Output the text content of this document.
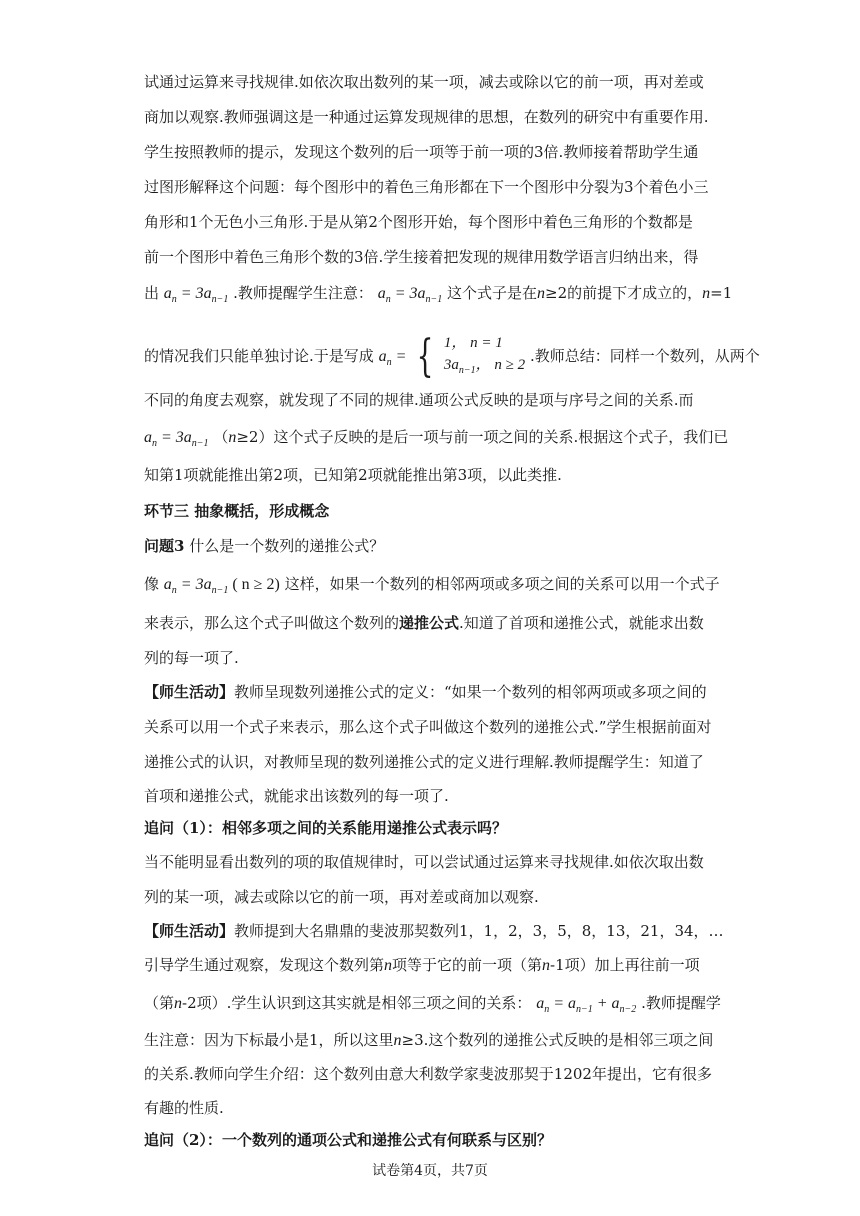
试通过运算来寻找规律.如依次取出数列的某一项，减去或除以它的前一项，再对差或
商加以观察.教师强调这是一种通过运算发现规律的思想，在数列的研究中有重要作用.
学生按照教师的提示，发现这个数列的后一项等于前一项的3倍.教师接着帮助学生通
过图形解释这个问题：每个图形中的着色三角形都在下一个图形中分裂为3个着色小三
角形和1个无色小三角形.于是从第2个图形开始，每个图形中着色三角形的个数都是
前一个图形中着色三角形个数的3倍.学生接着把发现的规律用数学语言归纳出来，得
出 $a_n = 3a_{n-1}$ .教师提醒学生注意： $a_n = 3a_{n-1}$ 这个式子是在n≥2的前提下才成立的，n=1
的情况我们只能单独讨论.于是写成 $a_n$ = { 1， n = 1
$3a_{n-1}$， n ≥ 2 .教师总结：同样一个数列，从两个
不同的角度去观察，就发现了不同的规律.通项公式反映的是项与序号之间的关系.而
$a_n = 3a_{n-1}$ （n≥2）这个式子反映的是后一项与前一项之间的关系.根据这个式子，我们已
知第1项就能推出第2项，已知第2项就能推出第3项，以此类推.
环节三 抽象概括，形成概念
问题3 什么是一个数列的递推公式？
像 $a_n = 3a_{n-1}$ ( n ≥ 2) 这样，如果一个数列的相邻两项或多项之间的关系可以用一个式子
来表示，那么这个式子叫做这个数列的递推公式.知道了首项和递推公式，就能求出数
列的每一项了.
【师生活动】教师呈现数列递推公式的定义：“如果一个数列的相邻两项或多项之间的
关系可以用一个式子来表示，那么这个式子叫做这个数列的递推公式.”学生根据前面对
递推公式的认识，对教师呈现的数列递推公式的定义进行理解.教师提醒学生：知道了
首项和递推公式，就能求出该数列的每一项了.
追问（1）：相邻多项之间的关系能用递推公式表示吗？
当不能明显看出数列的项的取值规律时，可以尝试通过运算来寻找规律.如依次取出数
列的某一项，减去或除以它的前一项，再对差或商加以观察.
【师生活动】教师提到大名鼎鼎的斐波那契数列1，1，2，3，5，8，13，21，34，…
引导学生通过观察，发现这个数列第n项等于它的前一项（第n-1项）加上再往前一项
（第n-2项）.学生认识到这其实就是相邻三项之间的关系： $a_n = a_{n-1} + a_{n-2}$ .教师提醒学
生注意：因为下标最小是1，所以这里n≥3.这个数列的递推公式反映的是相邻三项之间
的关系.教师向学生介绍：这个数列由意大利数学家斐波那契于1202年提出，它有很多
有趣的性质.
追问（2）：一个数列的通项公式和递推公式有何联系与区别？
试卷第4页，共7页
